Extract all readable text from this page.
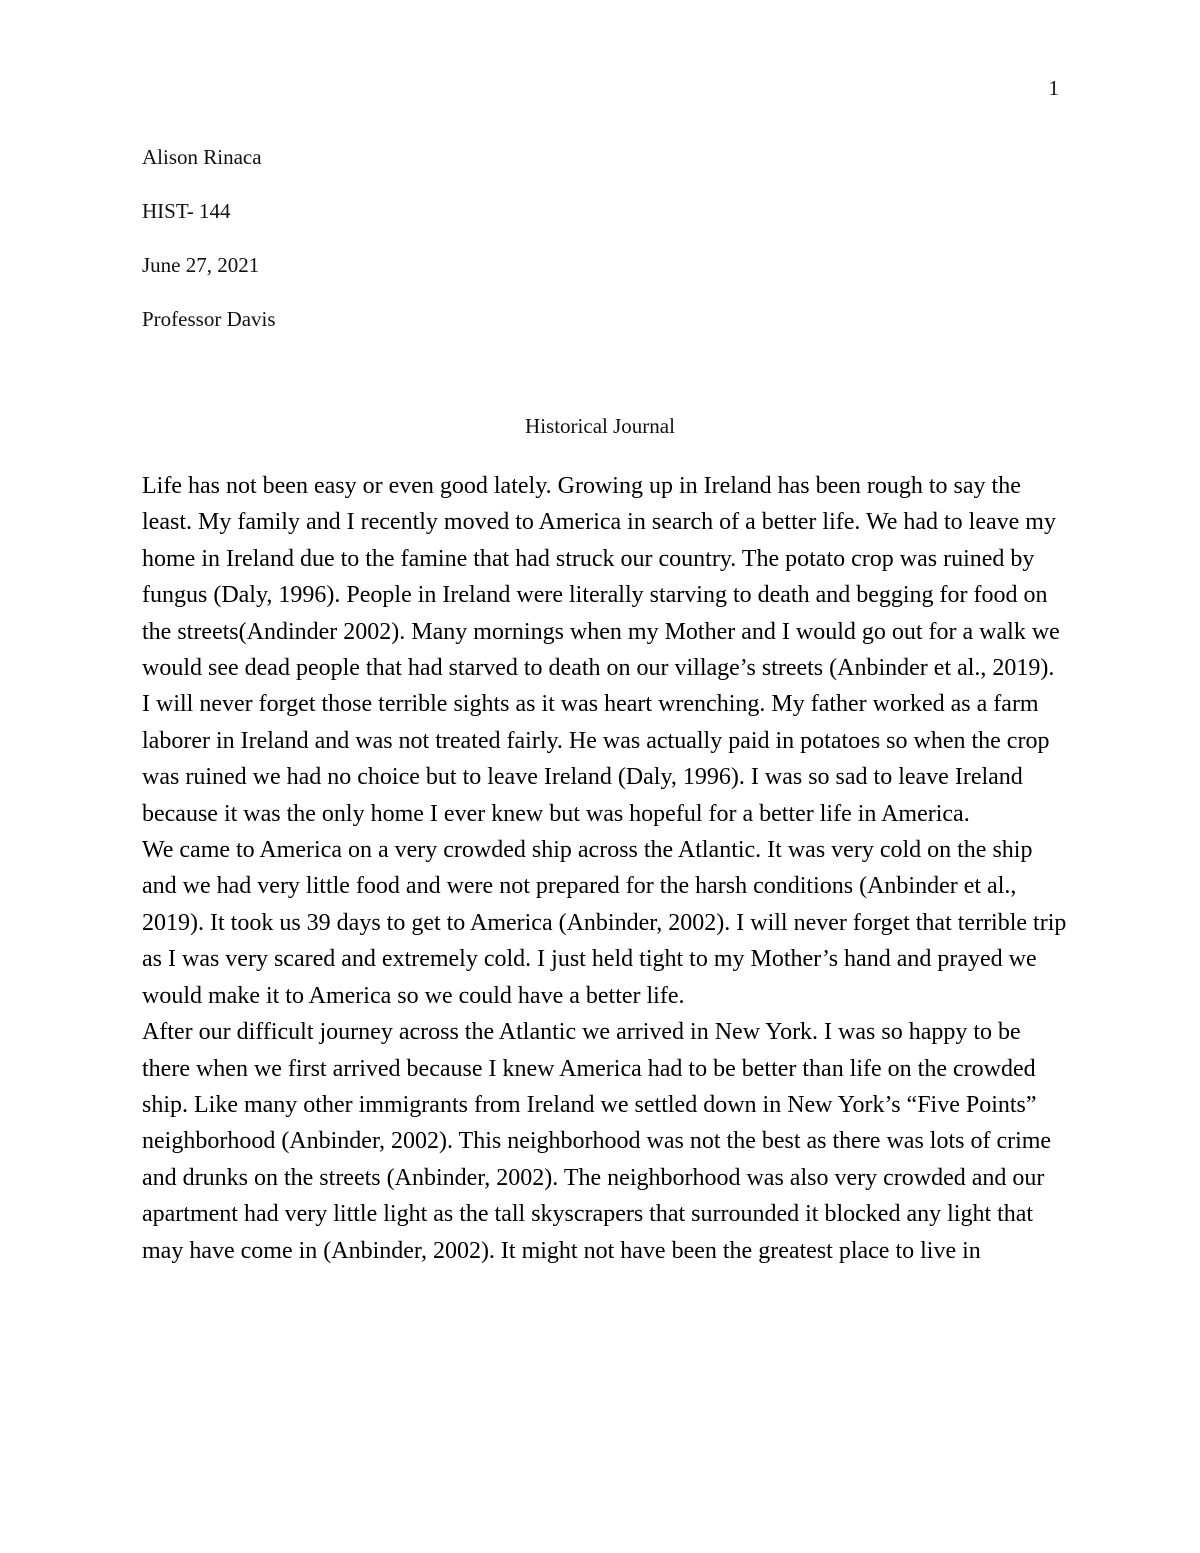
1
Alison Rinaca
HIST- 144
June 27, 2021
Professor Davis
Historical Journal

Life has not been easy or even good lately. Growing up in Ireland has been rough to say the least. My family and I recently moved to America in search of a better life. We had to leave my home in Ireland due to the famine that had struck our country. The potato crop was ruined by fungus (Daly, 1996). People in Ireland were literally starving to death and begging for food on the streets(Andinder 2002). Many mornings when my Mother and I would go out for a walk we would see dead people that had starved to death on our village’s streets (Anbinder et al., 2019). I will never forget those terrible sights as it was heart wrenching. My father worked as a farm laborer in Ireland and was not treated fairly. He was actually paid in potatoes so when the crop was ruined we had no choice but to leave Ireland (Daly, 1996). I was so sad to leave Ireland because it was the only home I ever knew but was hopeful for a better life in America.

We came to America on a very crowded ship across the Atlantic. It was very cold on the ship and we had very little food and were not prepared for the harsh conditions (Anbinder et al., 2019). It took us 39 days to get to America (Anbinder, 2002). I will never forget that terrible trip as I was very scared and extremely cold. I just held tight to my Mother’s hand and prayed we would make it to America so we could have a better life.

After our difficult journey across the Atlantic we arrived in New York. I was so happy to be there when we first arrived because I knew America had to be better than life on the crowded ship. Like many other immigrants from Ireland we settled down in New York’s “Five Points” neighborhood (Anbinder, 2002). This neighborhood was not the best as there was lots of crime and drunks on the streets (Anbinder, 2002). The neighborhood was also very crowded and our apartment had very little light as the tall skyscrapers that surrounded it blocked any light that may have come in (Anbinder, 2002). It might not have been the greatest place to live in
